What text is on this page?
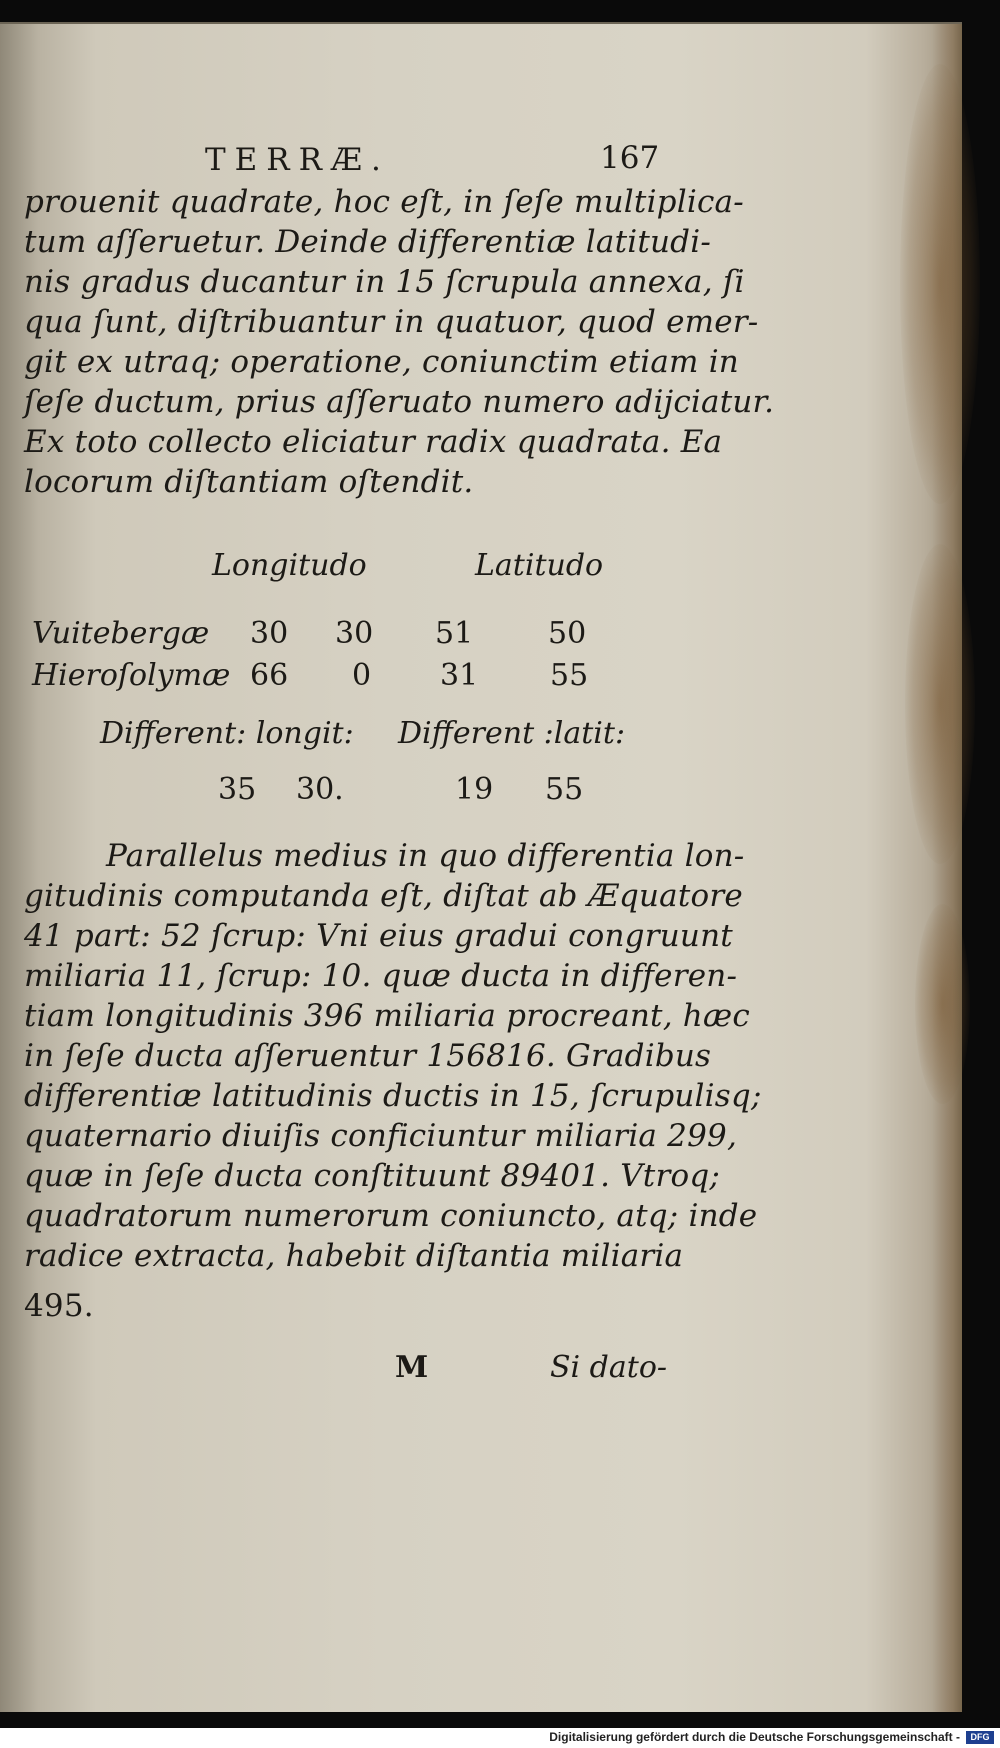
TERRÆ.	167

prouenit quadrate, hoc eſt, in ſeſe multiplica-

tum aſſeruetur. Deinde differentiæ latitudi-

nis gradus ducantur in 15 ſcrupula annexa, ſi

qua ſunt, diſtribuantur in quatuor, quod emer-

git ex utraq; operatione, coniunctim etiam in

ſeſe ductum, prius aſſeruato numero adijciatur.

Ex toto collecto eliciatur radix quadrata. Ea

locorum diſtantiam oſtendit.

Longitudo	Latitudo
Vuitebergæ 30 30 51 50
Hieroſolymæ 66 0 31 55
Different: longit: Different :latit:
35 30.	19 55

Parallelus medius in quo differentia lon-

gitudinis computanda eſt, diſtat ab Æquatore

41 part: 52 ſcrup: Vni eius gradui congruunt

miliaria 11, ſcrup: 10. quæ ducta in differen-

tiam longitudinis 396 miliaria procreant, hæc

in ſeſe ducta aſſeruentur 156816. Gradibus

differentiæ latitudinis ductis in 15, ſcrupulisq;

quaternario diuiſis conficiuntur miliaria 299,

quæ in ſeſe ducta conſtituunt 89401. Vtroq;

quadratorum numerorum coniuncto, atq; inde

radice extracta, habebit diſtantia miliaria

495.

M	Si dato-
Digitalisierung gefördert durch die Deutsche Forschungsgemeinschaft -	DFG
